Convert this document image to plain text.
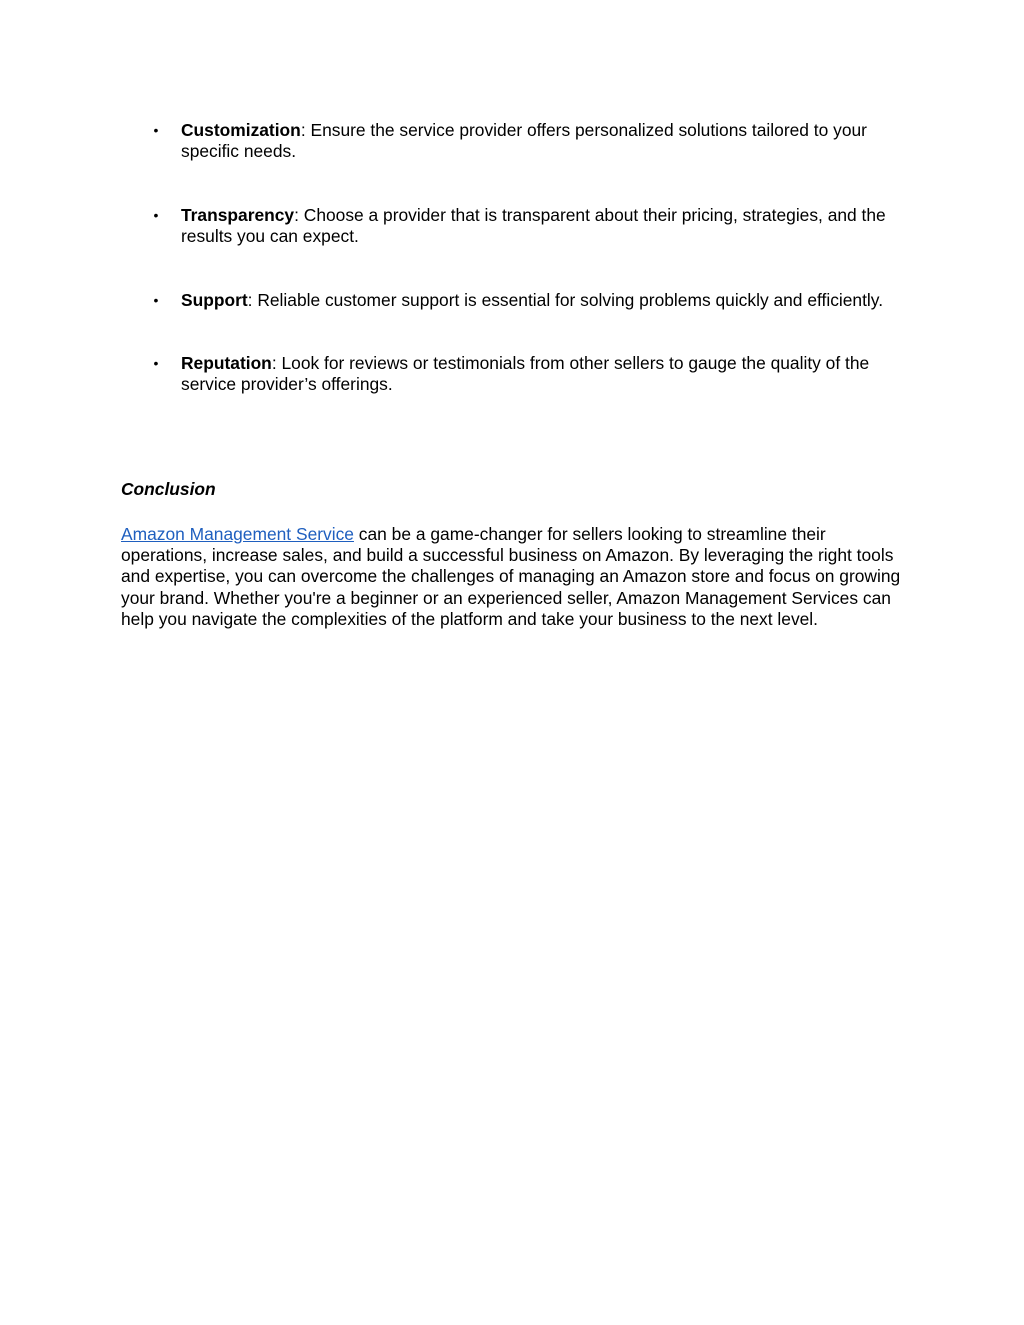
• Customization: Ensure the service provider offers personalized solutions tailored to your specific needs.
• Transparency: Choose a provider that is transparent about their pricing, strategies, and the results you can expect.
• Support: Reliable customer support is essential for solving problems quickly and efficiently.
• Reputation: Look for reviews or testimonials from other sellers to gauge the quality of the service provider’s offerings.
Conclusion

Amazon Management Service can be a game-changer for sellers looking to streamline their operations, increase sales, and build a successful business on Amazon. By leveraging the right tools and expertise, you can overcome the challenges of managing an Amazon store and focus on growing your brand. Whether you're a beginner or an experienced seller, Amazon Management Services can help you navigate the complexities of the platform and take your business to the next level.
